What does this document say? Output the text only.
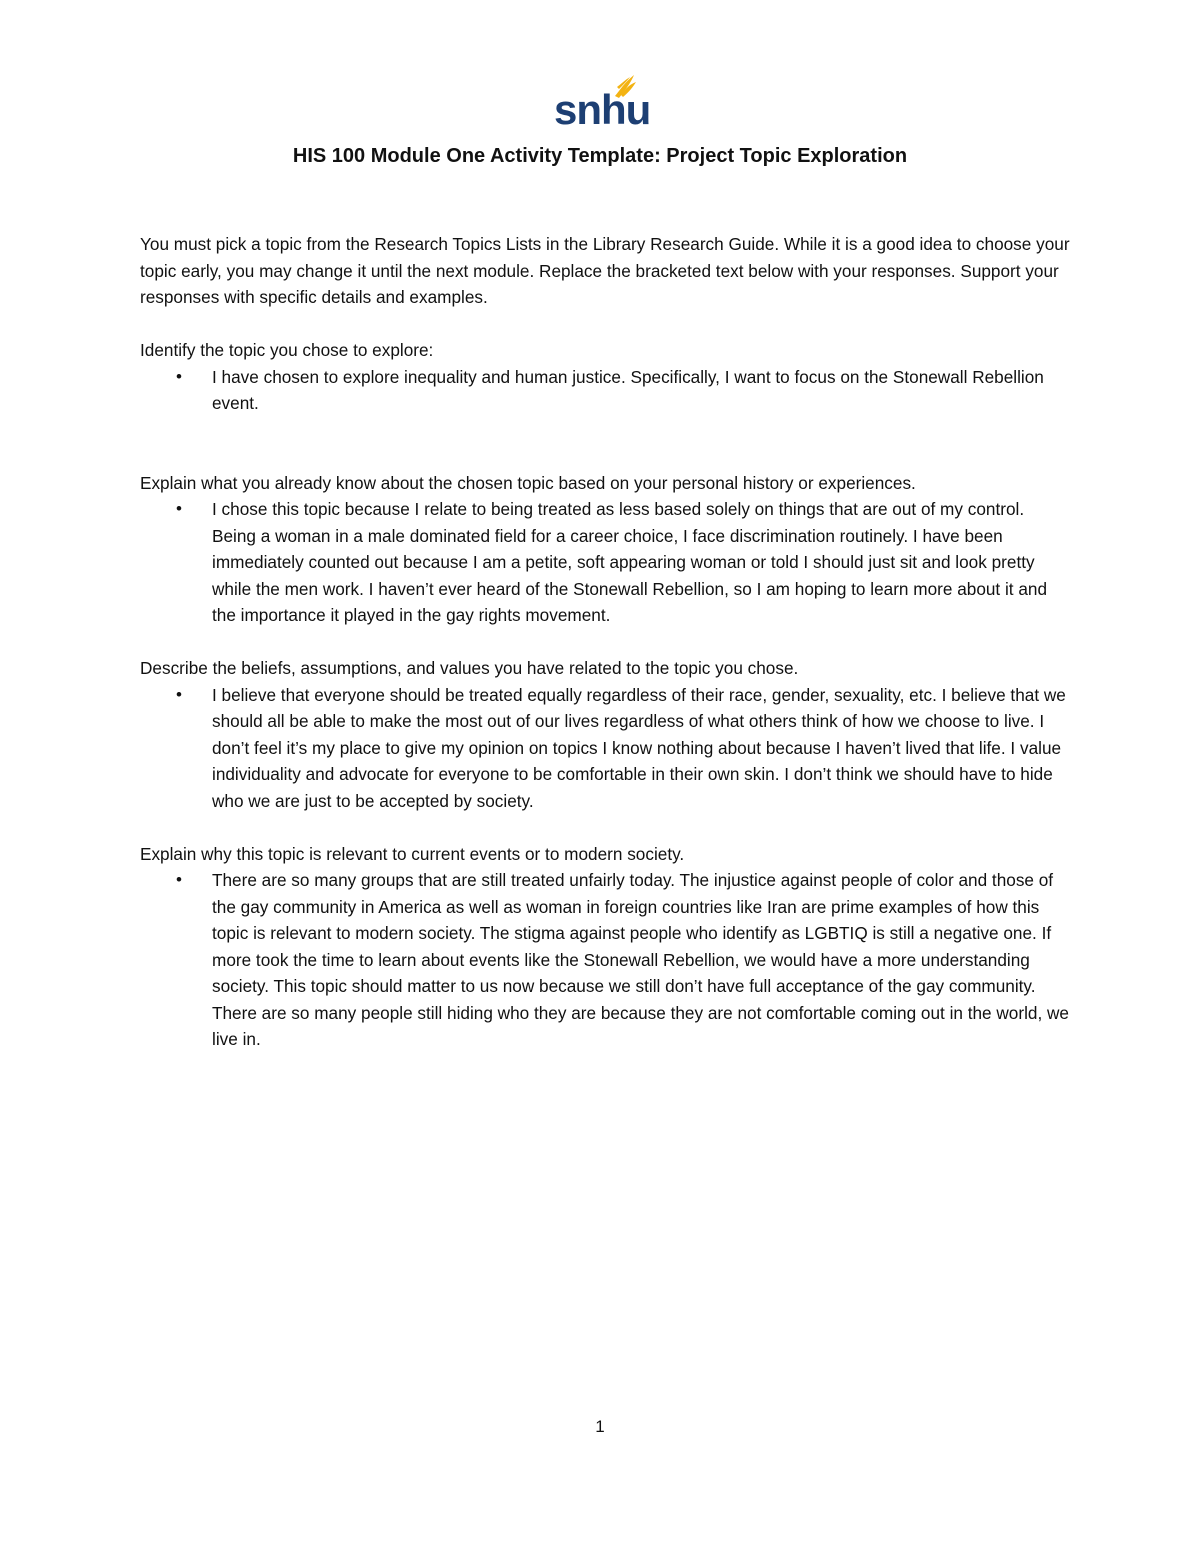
snhu
HIS 100 Module One Activity Template: Project Topic Exploration

You must pick a topic from the Research Topics Lists in the Library Research Guide. While it is a good idea to choose your topic early, you may change it until the next module. Replace the bracketed text below with your responses. Support your responses with specific details and examples.

Identify the topic you chose to explore:

•	I have chosen to explore inequality and human justice. Specifically, I want to focus on the Stonewall Rebellion event.

Explain what you already know about the chosen topic based on your personal history or experiences.

•	I chose this topic because I relate to being treated as less based solely on things that are out of my control. Being a woman in a male dominated field for a career choice, I face discrimination routinely. I have been immediately counted out because I am a petite, soft appearing woman or told I should just sit and look pretty while the men work. I haven’t ever heard of the Stonewall Rebellion, so I am hoping to learn more about it and the importance it played in the gay rights movement.

Describe the beliefs, assumptions, and values you have related to the topic you chose.

•	I believe that everyone should be treated equally regardless of their race, gender, sexuality, etc. I believe that we should all be able to make the most out of our lives regardless of what others think of how we choose to live. I don’t feel it’s my place to give my opinion on topics I know nothing about because I haven’t lived that life. I value individuality and advocate for everyone to be comfortable in their own skin. I don’t think we should have to hide who we are just to be accepted by society.

Explain why this topic is relevant to current events or to modern society.

•	There are so many groups that are still treated unfairly today. The injustice against people of color and those of the gay community in America as well as woman in foreign countries like Iran are prime examples of how this topic is relevant to modern society. The stigma against people who identify as LGBTIQ is still a negative one. If more took the time to learn about events like the Stonewall Rebellion, we would have a more understanding society. This topic should matter to us now because we still don’t have full acceptance of the gay community. There are so many people still hiding who they are because they are not comfortable coming out in the world, we live in.
1
